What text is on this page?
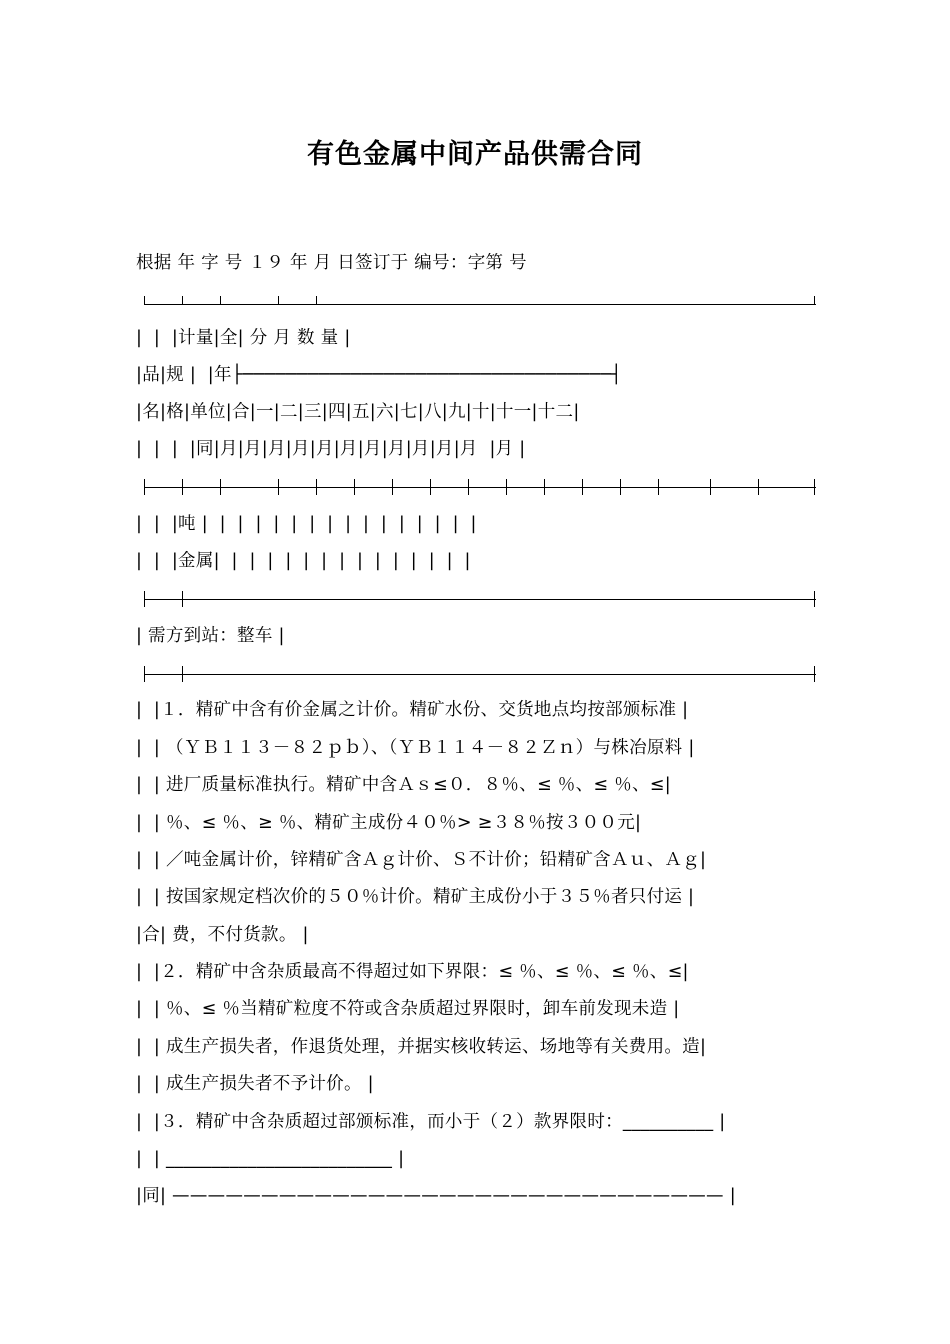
有色金属中间产品供需合同
根据 年 字 号 １９ 年 月 日签订于 编号：字第 号
|  |  |计量|全| 分 月 数 量 |
|品|规 |  |年├──────────────────────────────────┤
|名|格|单位|合|一|二|三|四|五|六|七|八|九|十|十一|十二|
|  |  |  |同|月|月|月|月|月|月|月|月|月|月|月  |月 |
|  |  |吨 |  |  |  |  |  |  |  |  |  |  |  |  |  |  |  |
|  |  |金属|  |  |  |  |  |  |  |  |  |  |  |  |  |  |
| 需方到站：整车 |
|  |１．精矿中含有价金属之计价。精矿水份、交货地点均按部颁标准 |
|  | （ＹＢ１１３－８２ｐｂ）、（ＹＢ１１４－８２Ｚｎ）与株冶原料 |
|  | 进厂质量标准执行。精矿中含Ａｓ≤０．８％、≤ ％、≤ ％、≤|
|  | ％、≤ ％、≥ ％、精矿主成份４０％> ≥３８％按３００元|
|  | ／吨金属计价，锌精矿含Ａｇ计价、Ｓ不计价；铅精矿含Ａｕ、Ａｇ|
|  | 按国家规定档次价的５０％计价。精矿主成份小于３５％者只付运 |
|合| 费，不付货款。 |
|  |２．精矿中含杂质最高不得超过如下界限：≤ ％、≤ ％、≤ ％、≤|
|  | ％、≤ ％当精矿粒度不符或含杂质超过界限时，卸车前发现未造 |
|  | 成生产损失者，作退货处理，并据实核收转运、场地等有关费用。造|
|  | 成生产损失者不予计价。 |
|  |３．精矿中含杂质超过部颁标准，而小于（２）款界限时：__________ |
|  | _________________________ |
|同| ——————————————————————————————— |
